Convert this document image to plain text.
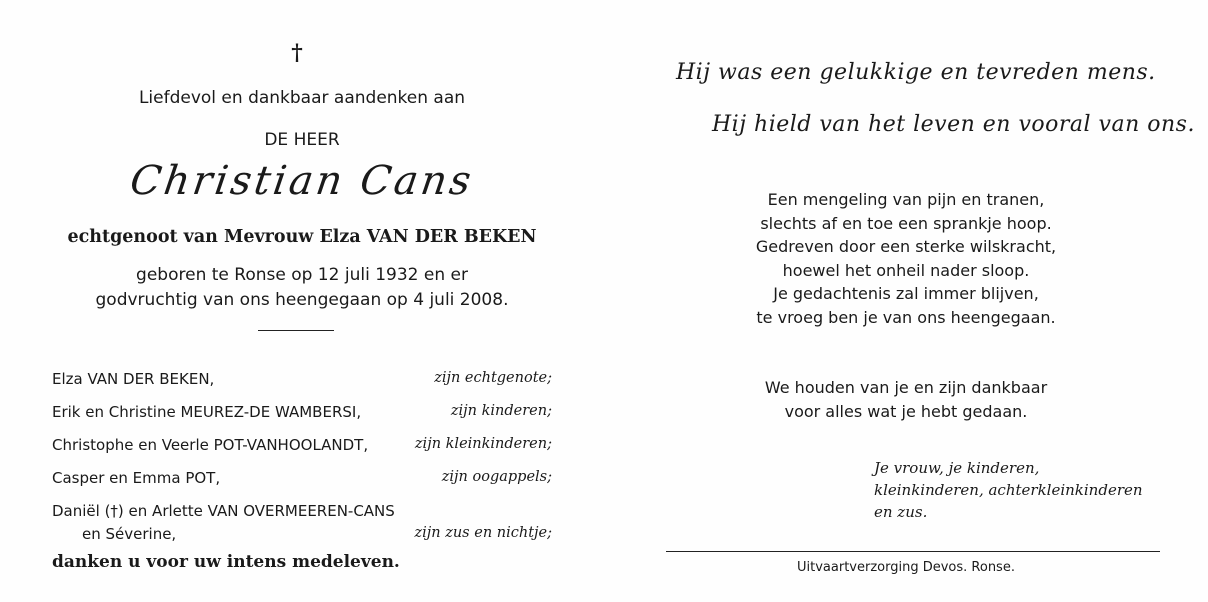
†
Liefdevol en dankbaar aandenken aan
DE HEER
Christian Cans
echtgenoot van Mevrouw Elza VAN DER BEKEN
geboren te Ronse op 12 juli 1932 en er
godvruchtig van ons heengegaan op 4 juli 2008.
Elza VAN DER BEKEN,	zijn echtgenote;
Erik en Christine MEUREZ-DE WAMBERSI,	zijn kinderen;
Christophe en Veerle POT-VANHOOLANDT,	zijn kleinkinderen;
Casper en Emma POT,	zijn oogappels;
Daniël (†) en Arlette VAN OVERMEEREN-CANS
en Séverine,	zijn zus en nichtje;
danken u voor uw intens medeleven.
Hij was een gelukkige en tevreden mens.
Hij hield van het leven en vooral van ons.
Een mengeling van pijn en tranen,
slechts af en toe een sprankje hoop.
Gedreven door een sterke wilskracht,
hoewel het onheil nader sloop.
Je gedachtenis zal immer blijven,
te vroeg ben je van ons heengegaan.
We houden van je en zijn dankbaar
voor alles wat je hebt gedaan.
Je vrouw, je kinderen,
kleinkinderen, achterkleinkinderen
en zus.
Uitvaartverzorging Devos. Ronse.
